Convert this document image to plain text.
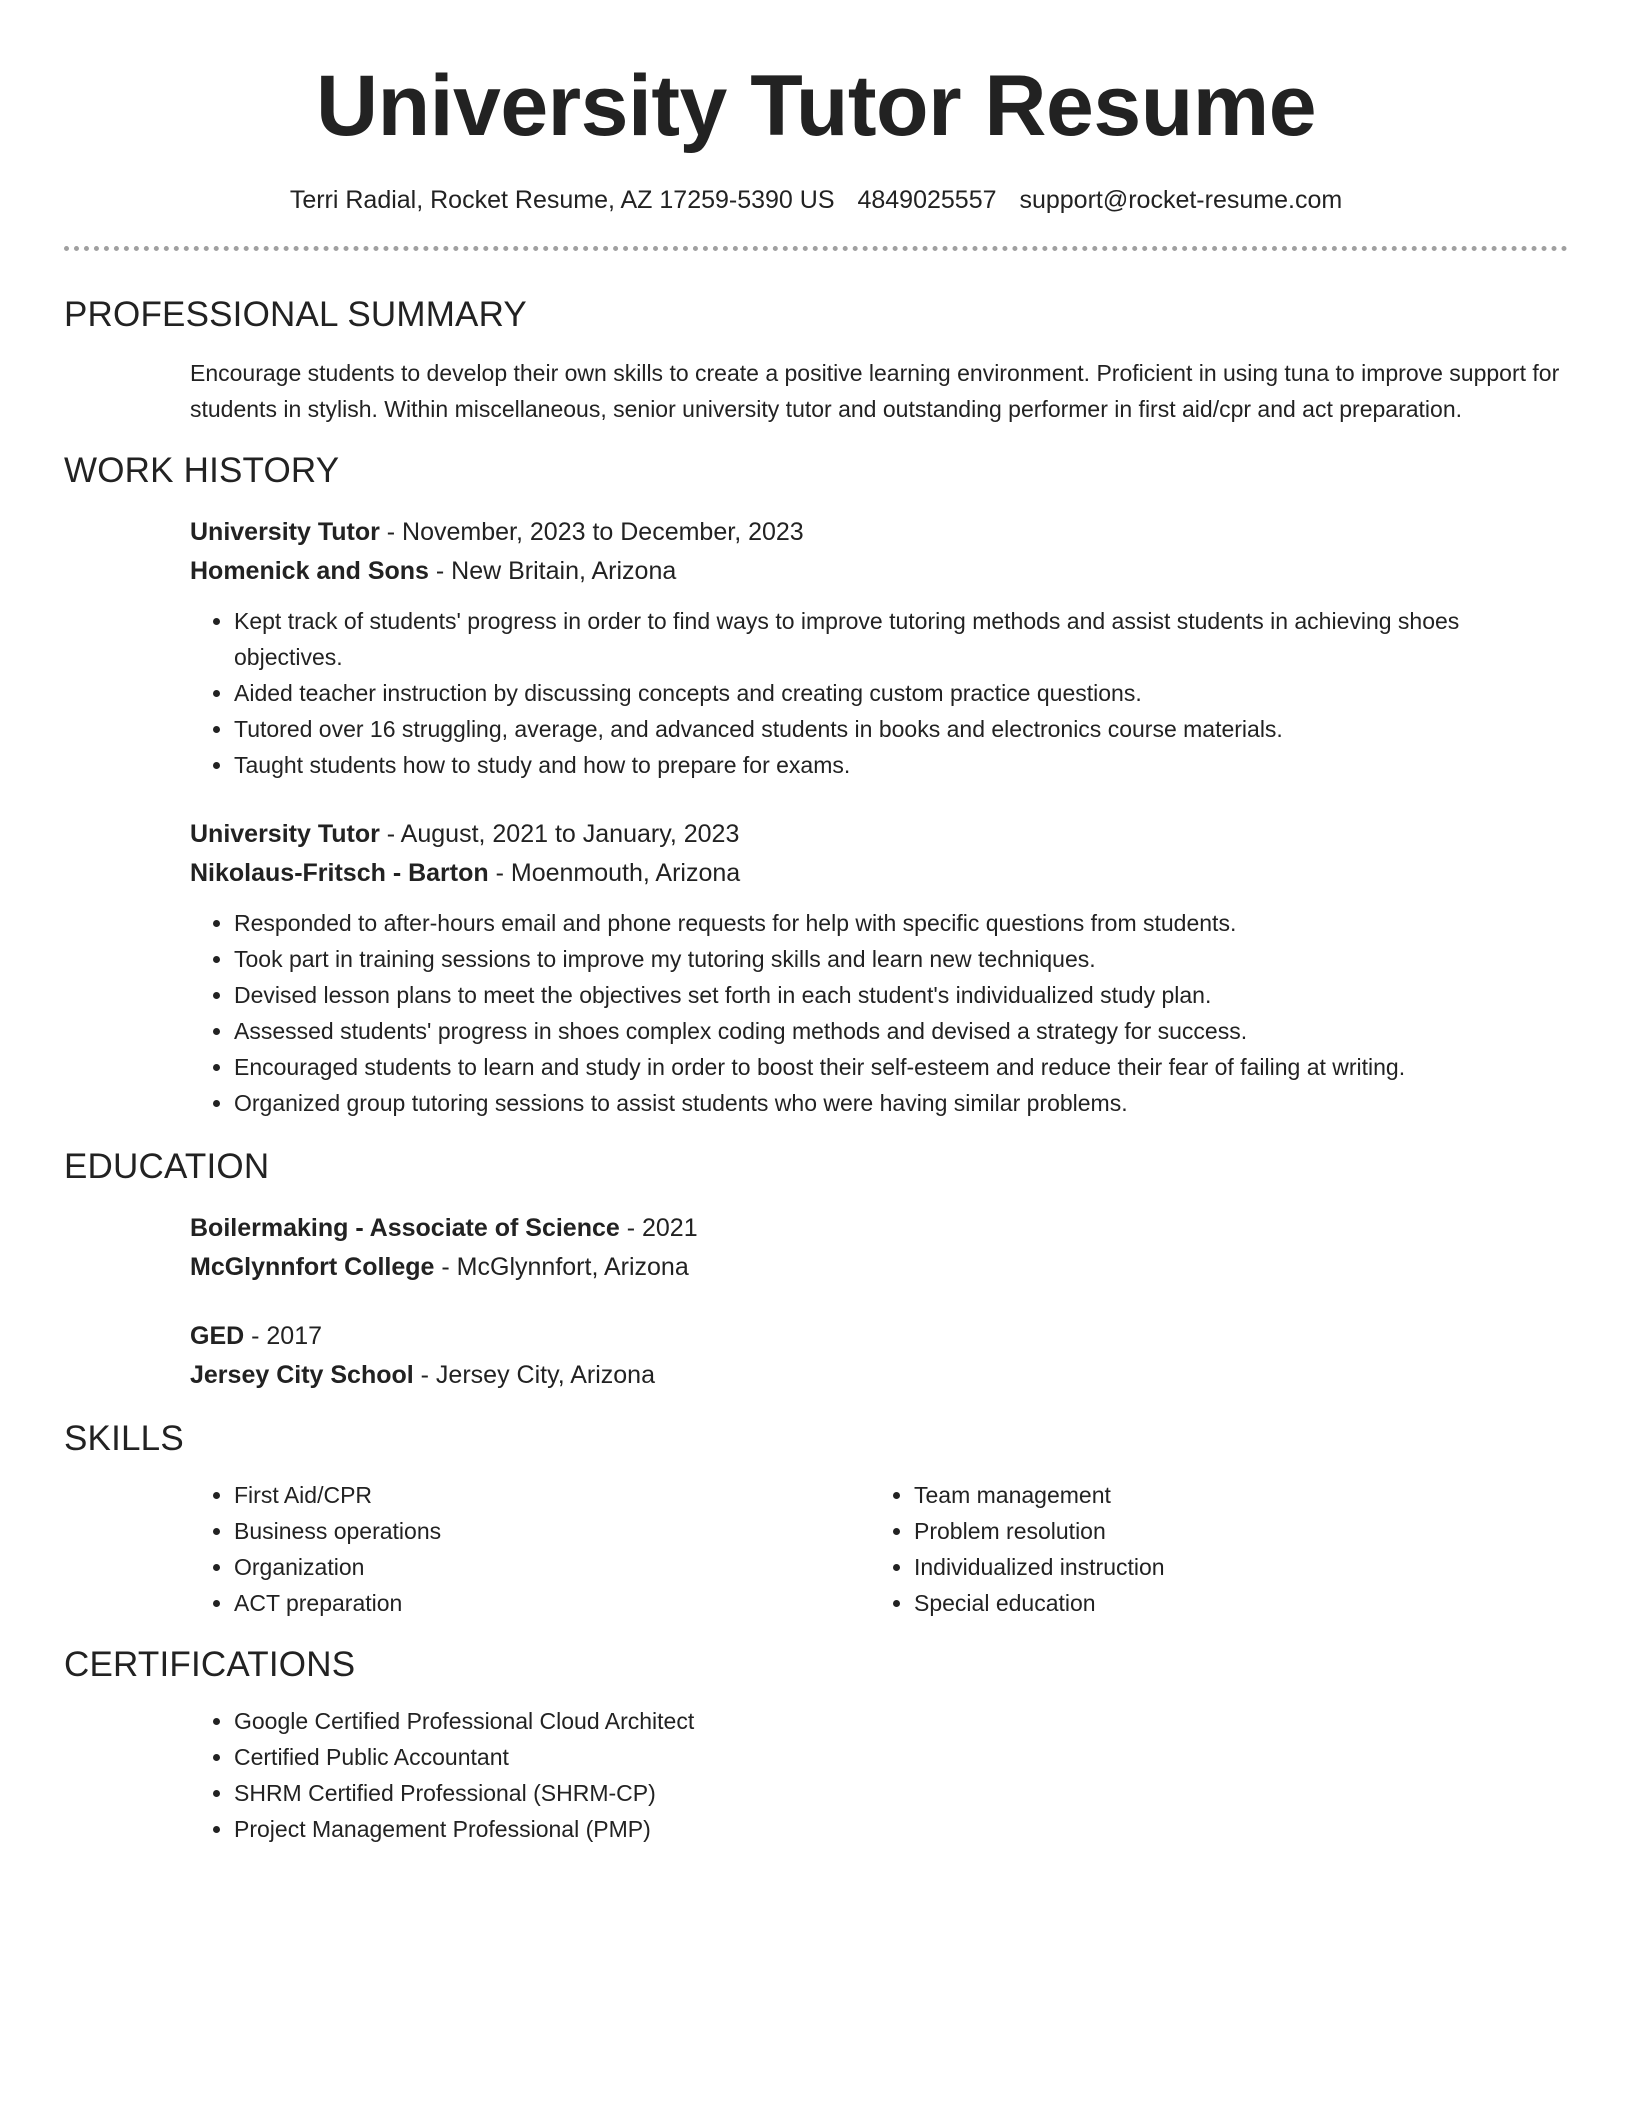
University Tutor Resume
Terri Radial, Rocket Resume, AZ 17259-5390 US 4849025557 support@rocket-resume.com
PROFESSIONAL SUMMARY

Encourage students to develop their own skills to create a positive learning environment. Proficient in using tuna to improve support for students in stylish. Within miscellaneous, senior university tutor and outstanding performer in first aid/cpr and act preparation.

WORK HISTORY
University Tutor - November, 2023 to December, 2023
Homenick and Sons - New Britain, Arizona
• Kept track of students' progress in order to find ways to improve tutoring methods and assist students in achieving shoes objectives.
• Aided teacher instruction by discussing concepts and creating custom practice questions.
• Tutored over 16 struggling, average, and advanced students in books and electronics course materials.
• Taught students how to study and how to prepare for exams.
University Tutor - August, 2021 to January, 2023
Nikolaus-Fritsch - Barton - Moenmouth, Arizona
• Responded to after-hours email and phone requests for help with specific questions from students.
• Took part in training sessions to improve my tutoring skills and learn new techniques.
• Devised lesson plans to meet the objectives set forth in each student's individualized study plan.
• Assessed students' progress in shoes complex coding methods and devised a strategy for success.
• Encouraged students to learn and study in order to boost their self-esteem and reduce their fear of failing at writing.
• Organized group tutoring sessions to assist students who were having similar problems.
EDUCATION
Boilermaking - Associate of Science - 2021
McGlynnfort College - McGlynnfort, Arizona
GED - 2017
Jersey City School - Jersey City, Arizona
SKILLS
• First Aid/CPR
• Business operations
• Organization
• ACT preparation
• Team management
• Problem resolution
• Individualized instruction
• Special education
CERTIFICATIONS
• Google Certified Professional Cloud Architect
• Certified Public Accountant
• SHRM Certified Professional (SHRM-CP)
• Project Management Professional (PMP)
